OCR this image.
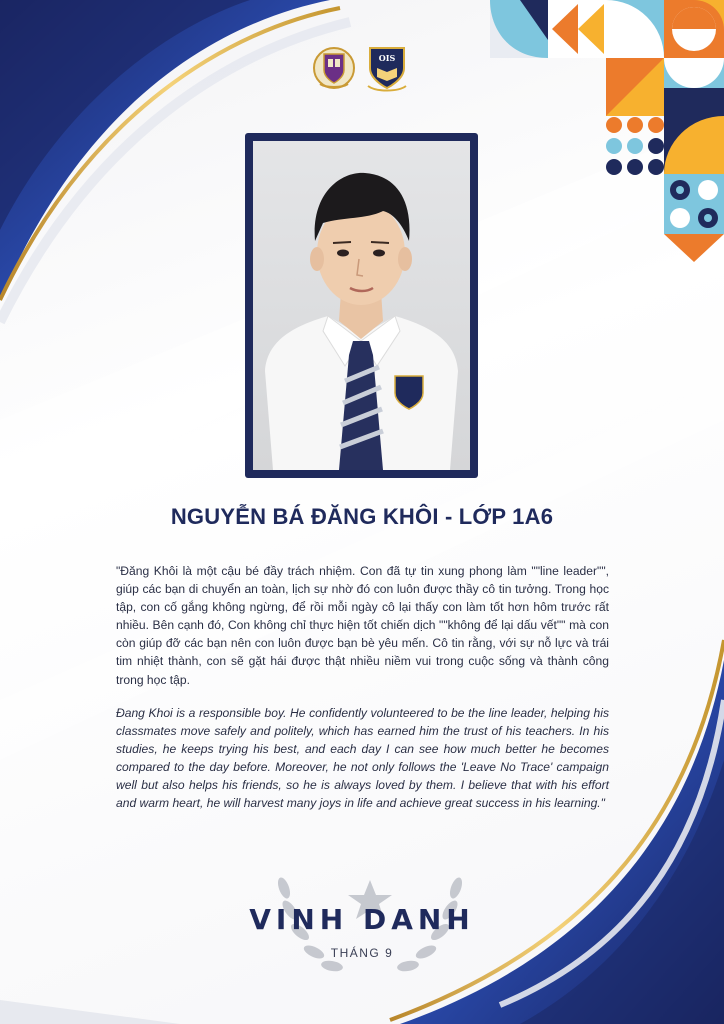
OIS
NGUYỄN BÁ ĐĂNG KHÔI - LỚP 1A6

"Đăng Khôi là một cậu bé đầy trách nhiệm. Con đã tự tin xung phong làm ""line leader"", giúp các bạn di chuyển an toàn, lịch sự nhờ đó con luôn được thầy cô tin tưởng. Trong học tập, con cố gắng không ngừng, để rồi mỗi ngày cô lại thấy con làm tốt hơn hôm trước rất nhiều. Bên cạnh đó, Con không chỉ thực hiện tốt chiến dịch ""không để lại dấu vết"" mà con còn giúp đỡ các bạn nên con luôn được bạn bè yêu mến. Cô tin rằng, với sự nỗ lực và trái tim nhiệt thành, con sẽ gặt hái được thật nhiều niềm vui trong cuộc sống và thành công trong học tập.

Đang Khoi is a responsible boy. He confidently volunteered to be the line leader, helping his classmates move safely and politely, which has earned him the trust of his teachers. In his studies, he keeps trying his best, and each day I can see how much better he becomes compared to the day before. Moreover, he not only follows the 'Leave No Trace' campaign well but also helps his friends, so he is always loved by them. I believe that with his effort and warm heart, he will harvest many joys in life and achieve great success in his learning."

VINH DANH
THÁNG 9
